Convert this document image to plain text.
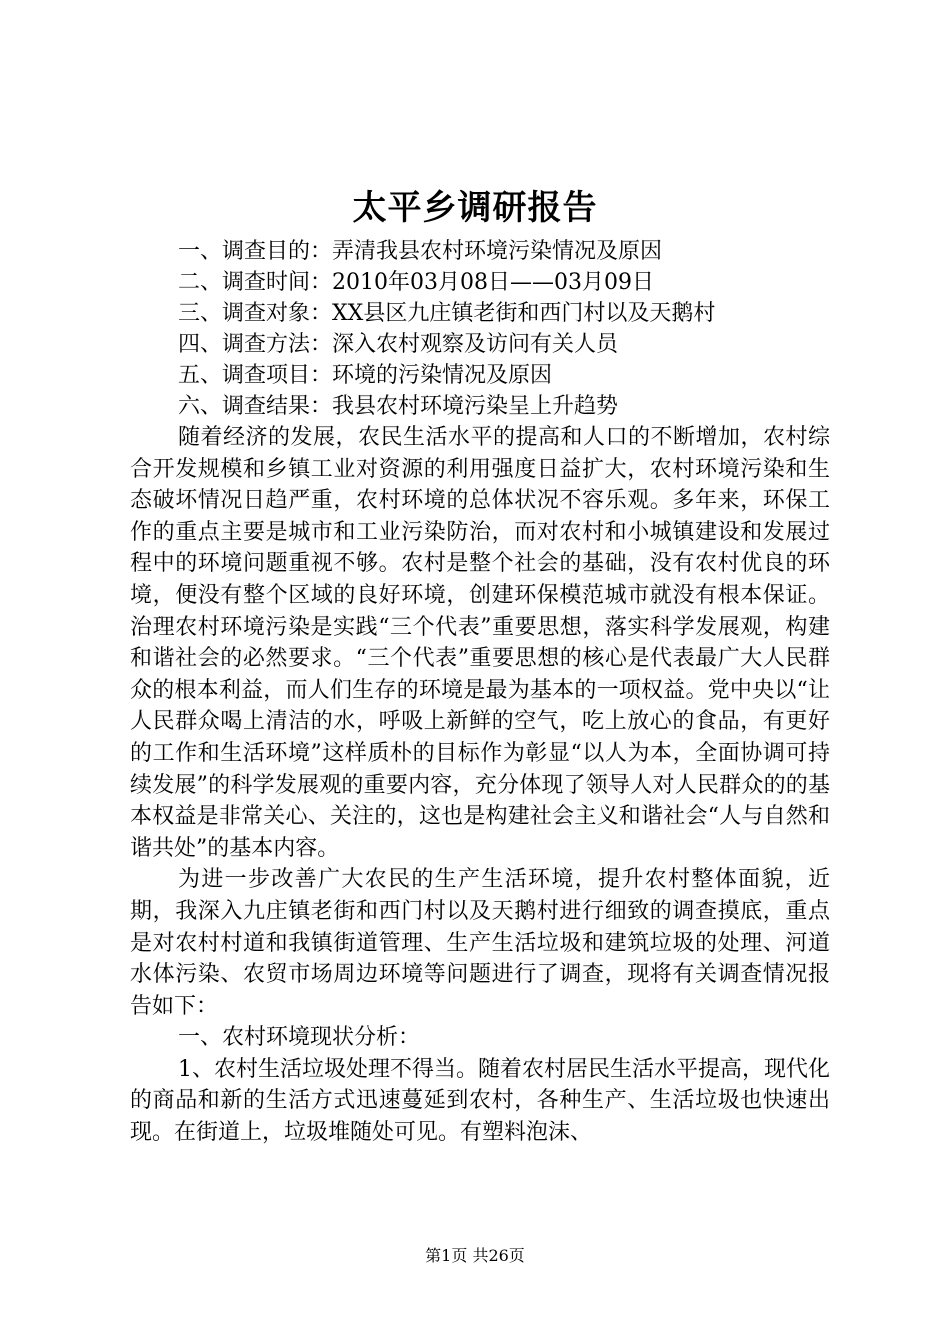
太平乡调研报告

一、调查目的：弄清我县农村环境污染情况及原因

二、调查时间：2010年03月08日——03月09日

三、调查对象：XX县区九庄镇老街和西门村以及天鹅村

四、调查方法：深入农村观察及访问有关人员

五、调查项目：环境的污染情况及原因

六、调查结果：我县农村环境污染呈上升趋势

随着经济的发展，农民生活水平的提高和人口的不断增加，农村综合开发规模和乡镇工业对资源的利用强度日益扩大，农村环境污染和生态破坏情况日趋严重，农村环境的总体状况不容乐观。多年来，环保工作的重点主要是城市和工业污染防治，而对农村和小城镇建设和发展过程中的环境问题重视不够。农村是整个社会的基础，没有农村优良的环境，便没有整个区域的良好环境，创建环保模范城市就没有根本保证。治理农村环境污染是实践“三个代表”重要思想，落实科学发展观，构建和谐社会的必然要求。“三个代表”重要思想的核心是代表最广大人民群众的根本利益，而人们生存的环境是最为基本的一项权益。党中央以“让人民群众喝上清洁的水，呼吸上新鲜的空气，吃上放心的食品，有更好的工作和生活环境”这样质朴的目标作为彰显“以人为本，全面协调可持续发展”的科学发展观的重要内容，充分体现了领导人对人民群众的的基本权益是非常关心、关注的，这也是构建社会主义和谐社会“人与自然和谐共处”的基本内容。

为进一步改善广大农民的生产生活环境，提升农村整体面貌，近期，我深入九庄镇老街和西门村以及天鹅村进行细致的调查摸底，重点是对农村村道和我镇街道管理、生产生活垃圾和建筑垃圾的处理、河道水体污染、农贸市场周边环境等问题进行了调查，现将有关调查情况报告如下：

一、农村环境现状分析：

1、农村生活垃圾处理不得当。随着农村居民生活水平提高，现代化的商品和新的生活方式迅速蔓延到农村，各种生产、生活垃圾也快速出现。在街道上，垃圾堆随处可见。有塑料泡沫、

第1页 共26页
